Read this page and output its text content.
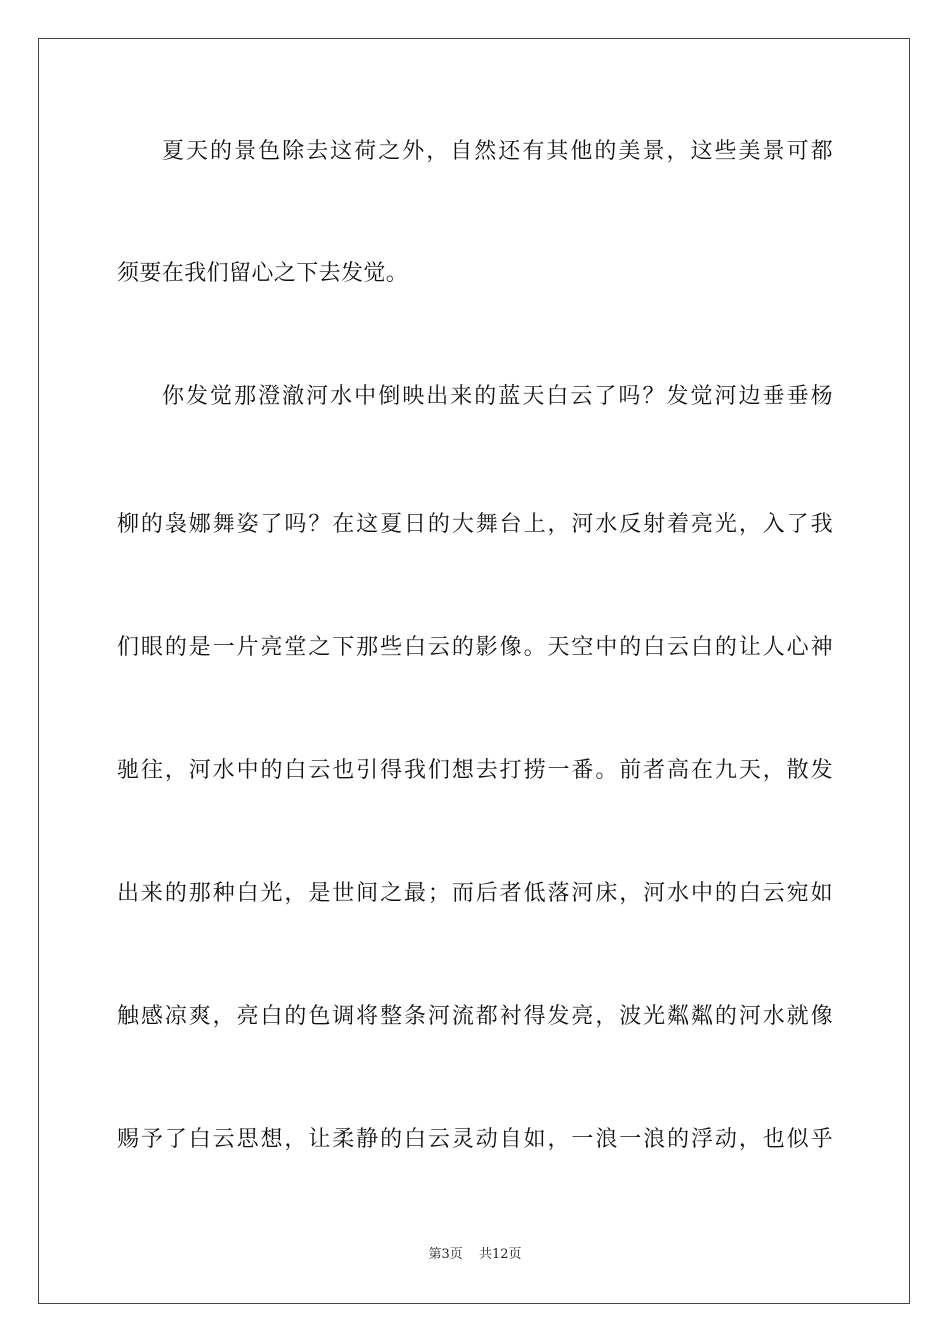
夏天的景色除去这荷之外，自然还有其他的美景，这些美景可都
须要在我们留心之下去发觉。
你发觉那澄澈河水中倒映出来的蓝天白云了吗？发觉河边垂垂杨
柳的袅娜舞姿了吗？在这夏日的大舞台上，河水反射着亮光，入了我
们眼的是一片亮堂之下那些白云的影像。天空中的白云白的让人心神
驰往，河水中的白云也引得我们想去打捞一番。前者高在九天，散发
出来的那种白光，是世间之最；而后者低落河床，河水中的白云宛如
触感凉爽，亮白的色调将整条河流都衬得发亮，波光粼粼的河水就像
赐予了白云思想，让柔静的白云灵动自如，一浪一浪的浮动，也似乎
第3页 共12页
